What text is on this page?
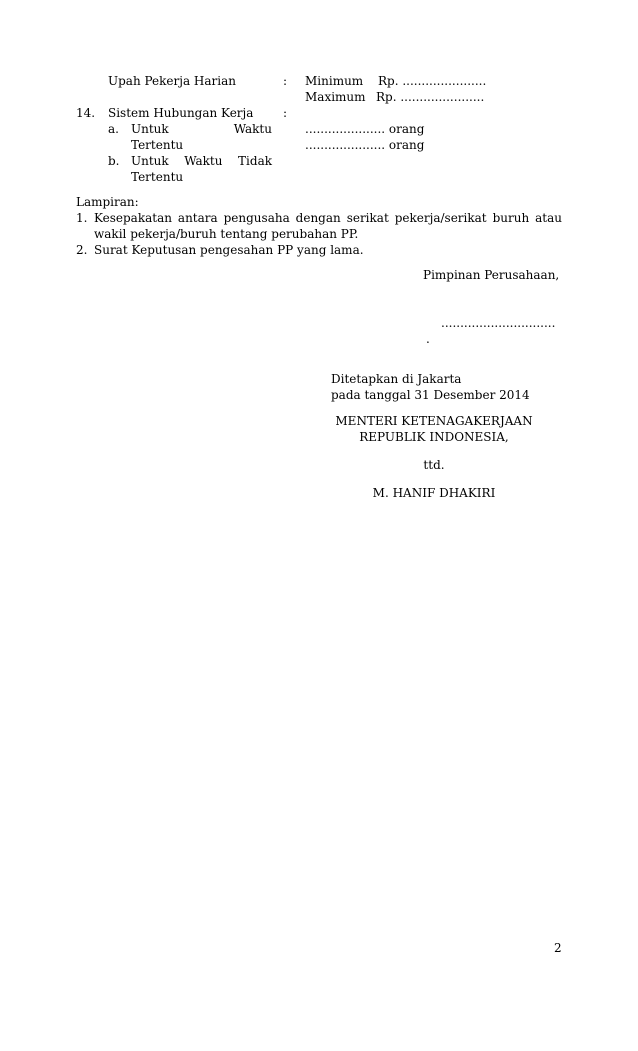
Upah Pekerja Harian	: Minimum Rp. ......................
Maximum Rp. ......................
14. Sistem Hubungan Kerja :
a. Untuk	Waktu
Tertentu
..................... orang
b. Untuk Waktu Tidak
Tertentu
..................... orang
Lampiran:
1. Kesepakatan antara pengusaha dengan serikat pekerja/serikat buruh atau
wakil pekerja/buruh tentang perubahan PP.
2. Surat Keputusan pengesahan PP yang lama.
Pimpinan Perusahaan,
..............................
.
Ditetapkan di Jakarta
pada tanggal 31 Desember 2014
MENTERI KETENAGAKERJAAN
REPUBLIK INDONESIA,
ttd.
M. HANIF DHAKIRI
2
